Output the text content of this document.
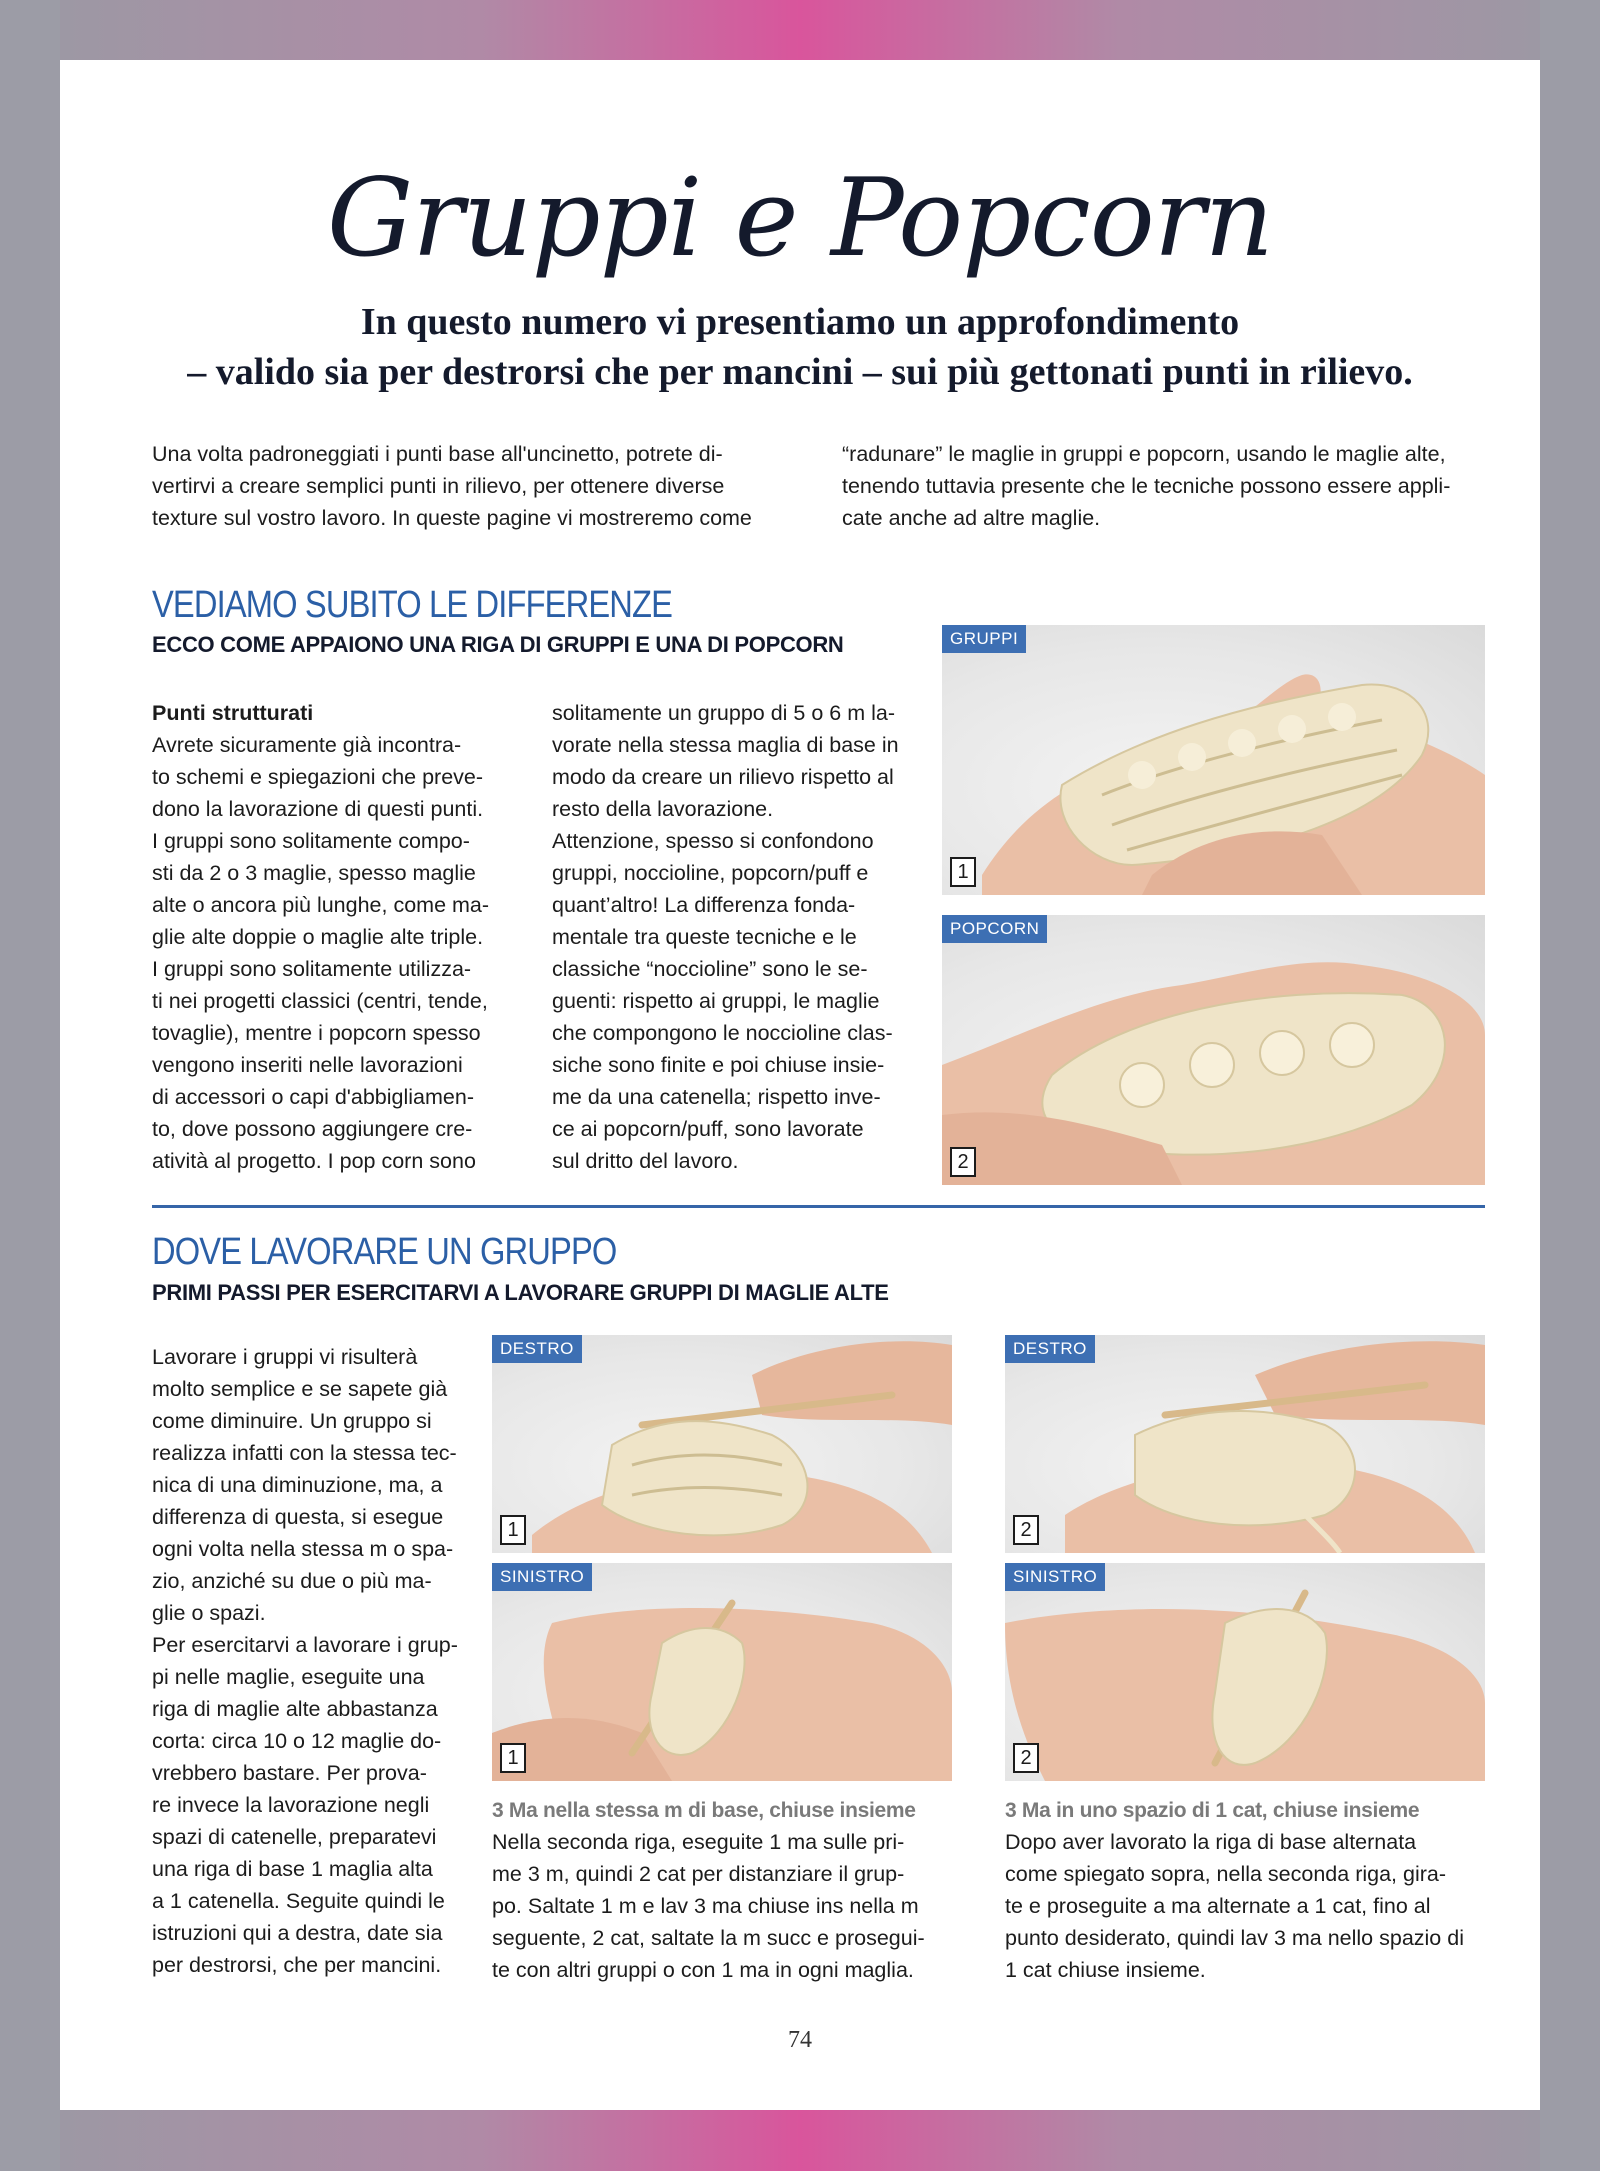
Gruppi e Popcorn
In questo numero vi presentiamo un approfondimento
– valido sia per destrorsi che per mancini – sui più gettonati punti in rilievo.
Una volta padroneggiati i punti base all'uncinetto, potrete di-
vertirvi a creare semplici punti in rilievo, per ottenere diverse
texture sul vostro lavoro. In queste pagine vi mostreremo come
“radunare” le maglie in gruppi e popcorn, usando le maglie alte,
tenendo tuttavia presente che le tecniche possono essere appli-
cate anche ad altre maglie.
VEDIAMO SUBITO LE DIFFERENZE
ECCO COME APPAIONO UNA RIGA DI GRUPPI E UNA DI POPCORN
Punti strutturati
Avrete sicuramente già incontra-
to schemi e spiegazioni che preve-
dono la lavorazione di questi punti.
I gruppi sono solitamente compo-
sti da 2 o 3 maglie, spesso maglie
alte o ancora più lunghe, come ma-
glie alte doppie o maglie alte triple.
I gruppi sono solitamente utilizza-
ti nei progetti classici (centri, tende,
tovaglie), mentre i popcorn spesso
vengono inseriti nelle lavorazioni
di accessori o capi d'abbigliamen-
to, dove possono aggiungere cre-
atività al progetto. I pop corn sono
solitamente un gruppo di 5 o 6 m la-
vorate nella stessa maglia di base in
modo da creare un rilievo rispetto al
resto della lavorazione.
Attenzione, spesso si confondono
gruppi, noccioline, popcorn/puff e
quant’altro! La differenza fonda-
mentale tra queste tecniche e le
classiche “noccioline” sono le se-
guenti: rispetto ai gruppi, le maglie
che compongono le noccioline clas-
siche sono finite e poi chiuse insie-
me da una catenella; rispetto inve-
ce ai popcorn/puff, sono lavorate
sul dritto del lavoro.
GRUPPI
1
POPCORN
2
DOVE LAVORARE UN GRUPPO
PRIMI PASSI PER ESERCITARVI A LAVORARE GRUPPI DI MAGLIE ALTE
Lavorare i gruppi vi risulterà
molto semplice e se sapete già
come diminuire. Un gruppo si
realizza infatti con la stessa tec-
nica di una diminuzione, ma, a
differenza di questa, si esegue
ogni volta nella stessa m o spa-
zio, anziché su due o più ma-
glie o spazi.
Per esercitarvi a lavorare i grup-
pi nelle maglie, eseguite una
riga di maglie alte abbastanza
corta: circa 10 o 12 maglie do-
vrebbero bastare. Per prova-
re invece la lavorazione negli
spazi di catenelle, preparatevi
una riga di base 1 maglia alta
a 1 catenella. Seguite quindi le
istruzioni qui a destra, date sia
per destrorsi, che per mancini.
DESTRO
1
SINISTRO
1
DESTRO
2
SINISTRO
2
3 Ma nella stessa m di base, chiuse insieme
Nella seconda riga, eseguite 1 ma sulle pri-
me 3 m, quindi 2 cat per distanziare il grup-
po. Saltate 1 m e lav 3 ma chiuse ins nella m
seguente, 2 cat, saltate la m succ e prosegui-
te con altri gruppi o con 1 ma in ogni maglia.
3 Ma in uno spazio di 1 cat, chiuse insieme
Dopo aver lavorato la riga di base alternata
come spiegato sopra, nella seconda riga, gira-
te e proseguite a ma alternate a 1 cat, fino al
punto desiderato, quindi lav 3 ma nello spazio di
1 cat chiuse insieme.
74
